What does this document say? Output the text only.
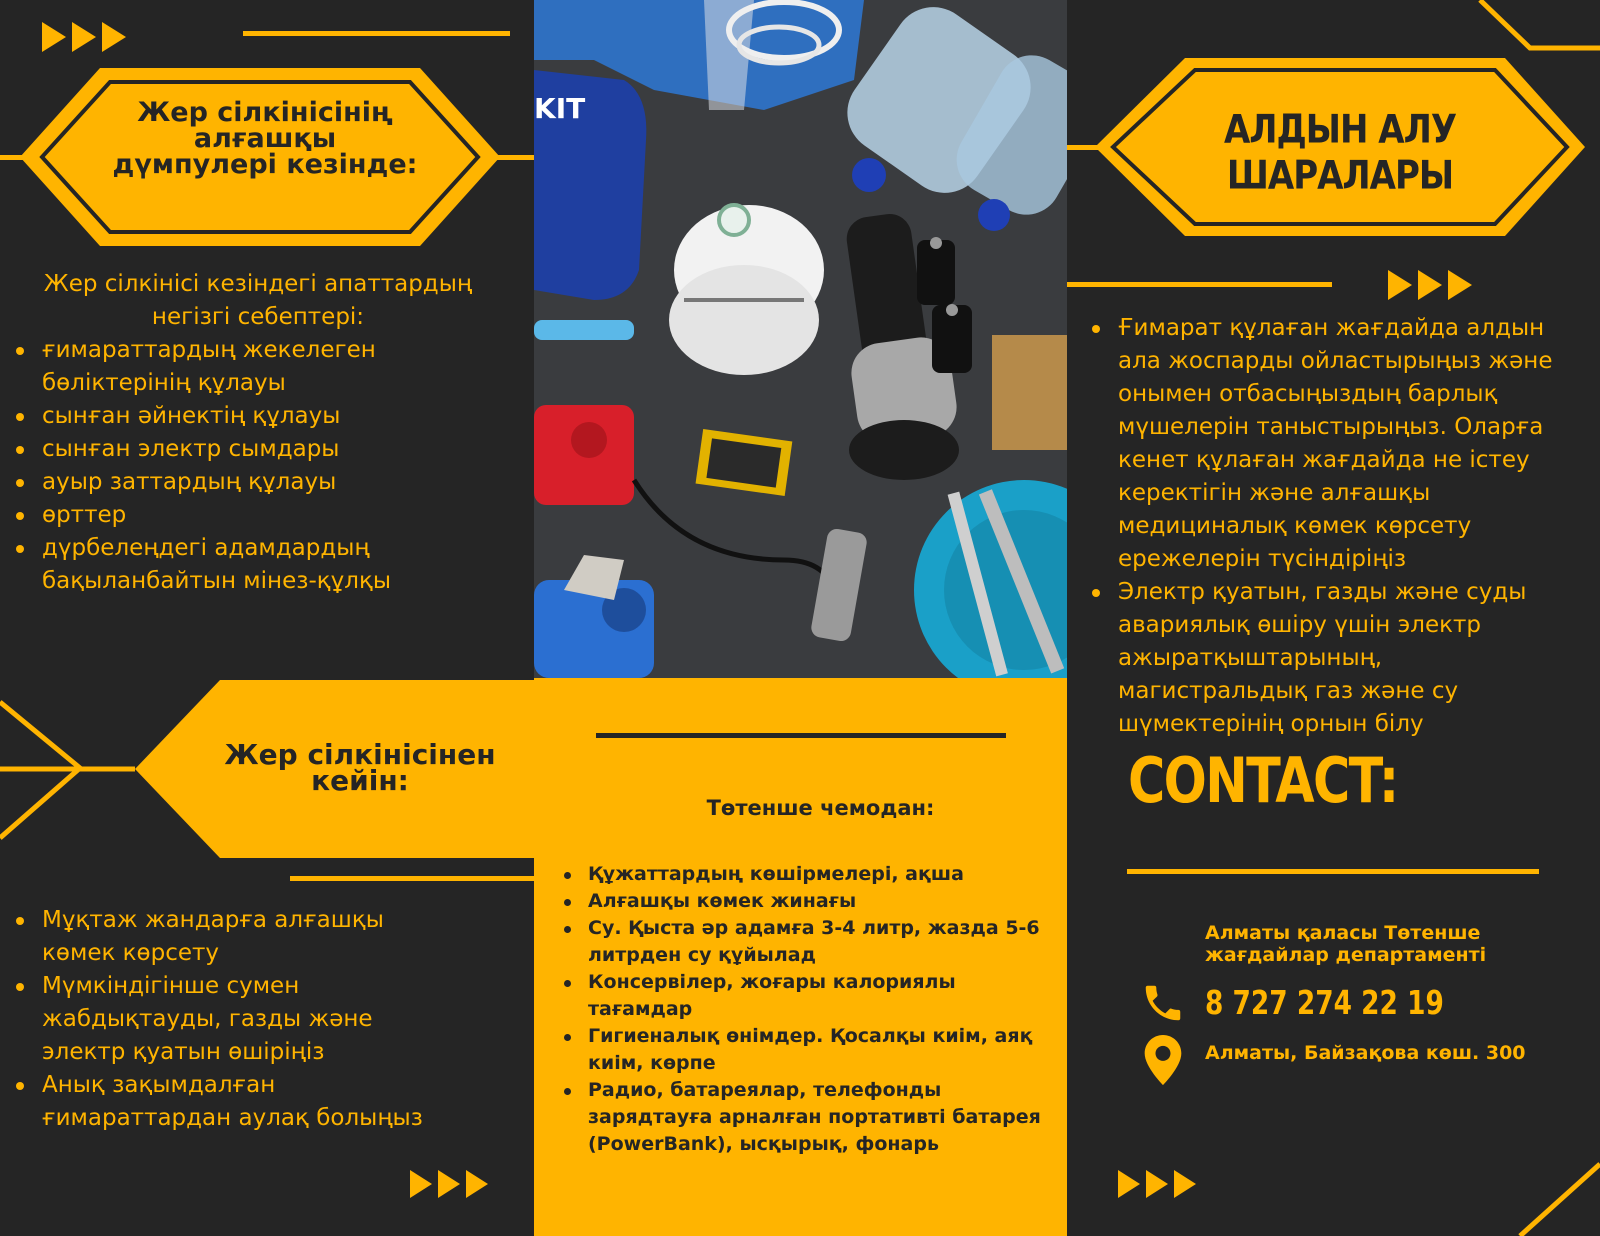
Жер сілкінісінің алғашқы дүмпулері кезінде:
Жер сілкінісі кезіндегі апаттардың негізгі себептері:
ғимараттардың жекелеген бөліктерінің құлауы
сынған әйнектің құлауы
сынған электр сымдары
ауыр заттардың құлауы
өрттер
дүрбелеңдегі адамдардың бақыланбайтын мінез-құлқы
KIT
Жер сілкінісінен кейін:
Мұқтаж жандарға алғашқы көмек көрсету
Мүмкіндігінше сумен жабдықтауды, газды және электр қуатын өшіріңіз
Анық зақымдалған ғимараттардан аулақ болыңыз
Төтенше чемодан:
Құжаттардың көшірмелері, ақша
Алғашқы көмек жинағы
Су. Қыста әр адамға 3-4 литр, жазда 5-6 литрден су құйылад
Консервілер, жоғары калориялы тағамдар
Гигиеналық өнімдер. Қосалқы киім, аяқ киім, көрпе
Радио, батареялар, телефонды зарядтауға арналған портативті батарея (PowerBank), ысқырық, фонарь
АЛДЫН АЛУ ШАРАЛАРЫ
Ғимарат құлаған жағдайда алдын ала жоспарды ойластырыңыз және онымен отбасыңыздың барлық мүшелерін таныстырыңыз. Оларға кенет құлаған жағдайда не істеу керектігін және алғашқы медициналық көмек көрсету ережелерін түсіндіріңіз
Электр қуатын, газды және суды авариялық өшіру үшін электр ажыратқыштарының, магистральдық газ және су шүмектерінің орнын білу
CONTACT:
Алматы қаласы Төтенше жағдайлар департаменті
8 727 274 22 19
Алматы, Байзақова көш. 300
